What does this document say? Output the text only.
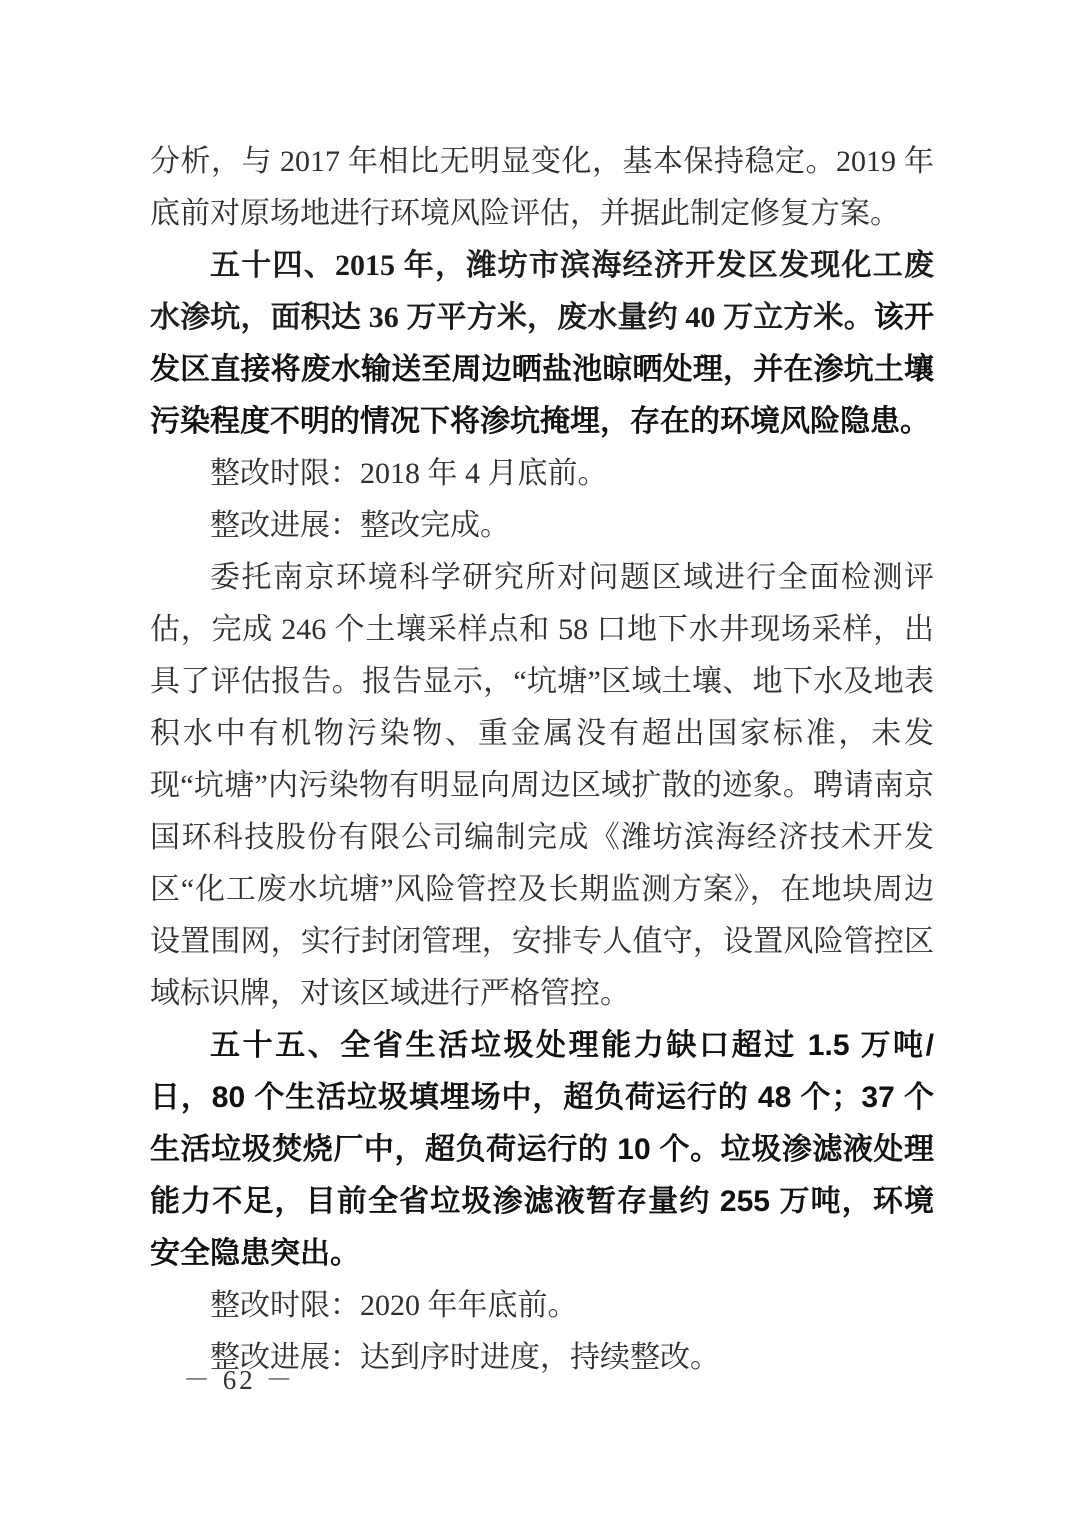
分析，与 2017 年相比无明显变化，基本保持稳定。2019 年底前对原场地进行环境风险评估，并据此制定修复方案。

五十四、2015 年，潍坊市滨海经济开发区发现化工废水渗坑，面积达 36 万平方米，废水量约 40 万立方米。该开发区直接将废水输送至周边晒盐池晾晒处理，并在渗坑土壤污染程度不明的情况下将渗坑掩埋，存在的环境风险隐患。

整改时限：2018 年 4 月底前。

整改进展：整改完成。

委托南京环境科学研究所对问题区域进行全面检测评估，完成 246 个土壤采样点和 58 口地下水井现场采样，出具了评估报告。报告显示，“坑塘”区域土壤、地下水及地表积水中有机物污染物、重金属没有超出国家标准，未发现“坑塘”内污染物有明显向周边区域扩散的迹象。聘请南京国环科技股份有限公司编制完成《潍坊滨海经济技术开发区“化工废水坑塘”风险管控及长期监测方案》，在地块周边设置围网，实行封闭管理，安排专人值守，设置风险管控区域标识牌，对该区域进行严格管控。

五十五、全省生活垃圾处理能力缺口超过 1.5 万吨/日，80 个生活垃圾填埋场中，超负荷运行的 48 个；37 个生活垃圾焚烧厂中，超负荷运行的 10 个。垃圾渗滤液处理能力不足，目前全省垃圾渗滤液暂存量约 255 万吨，环境安全隐患突出。

整改时限：2020 年年底前。

整改进展：达到序时进度，持续整改。

－ 62 －
